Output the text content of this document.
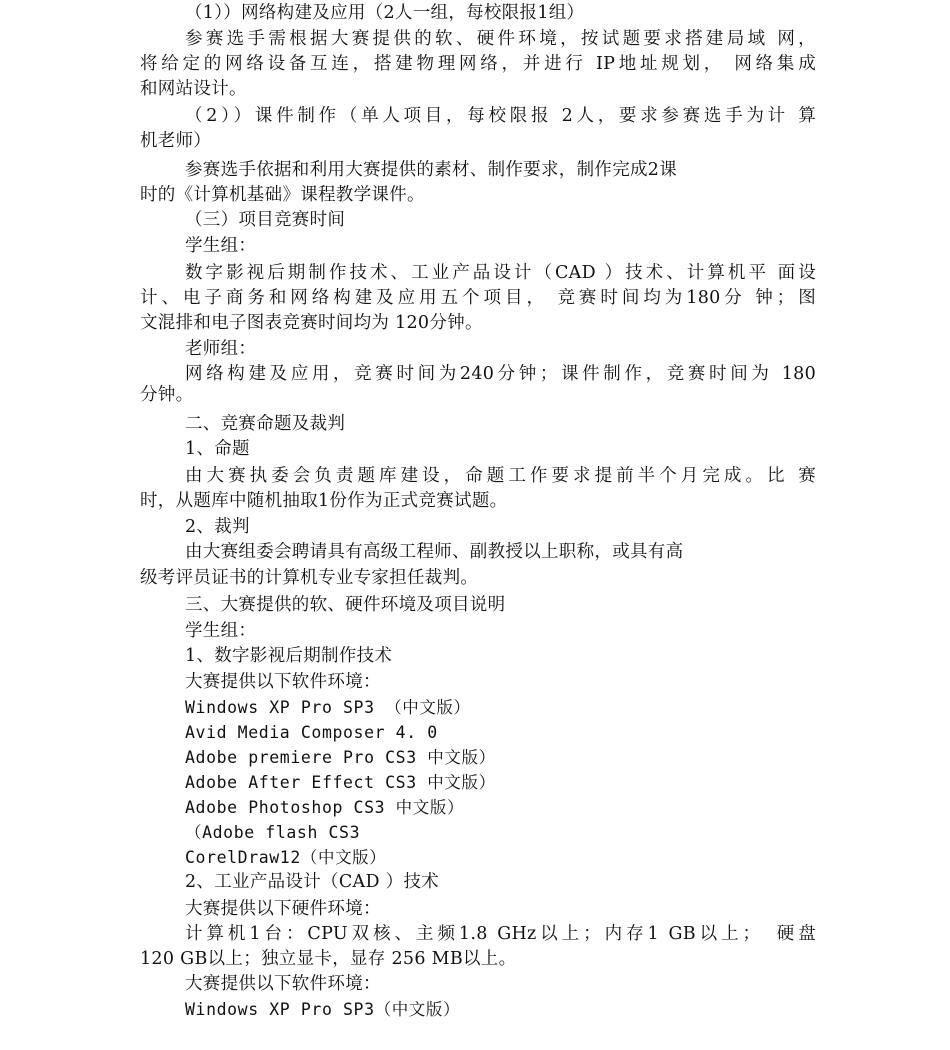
（1））网络构建及应用（2人一组，每校限报1组）
参赛选手需根据大赛提供的软、硬件环境，按试题要求搭建局域 网，
将给定的网络设备互连，搭建物理网络，并进行 IP地址规划， 网络集成
和网站设计。
（2））课件制作（单人项目，每校限报 2人，要求参赛选手为计 算
机老师）
参赛选手依据和利用大赛提供的素材、制作要求，制作完成2课
时的《计算机基础》课程教学课件。
（三）项目竞赛时间
学生组：
数字影视后期制作技术、工业产品设计（CAD ）技术、计算机平 面设
计、电子商务和网络构建及应用五个项目， 竞赛时间均为180分 钟；图
文混排和电子图表竞赛时间均为 120分钟。
老师组：
网络构建及应用，竞赛时间为240分钟；课件制作，竞赛时间为 180
分钟。
二、竞赛命题及裁判
1、命题
由大赛执委会负责题库建设，命题工作要求提前半个月完成。比 赛
时，从题库中随机抽取1份作为正式竞赛试题。
2、裁判
由大赛组委会聘请具有高级工程师、副教授以上职称，或具有高
级考评员证书的计算机专业专家担任裁判。
三、大赛提供的软、硬件环境及项目说明
学生组：
1、数字影视后期制作技术
大赛提供以下软件环境：
Windows XP Pro SP3 （中文版）
Avid Media Composer 4. 0
Adobe premiere Pro CS3 中文版）
Adobe After Effect CS3 中文版）
Adobe Photoshop CS3 中文版）
（Adobe flash CS3
CorelDraw12（中文版）
2、工业产品设计（CAD ）技术
大赛提供以下硬件环境：
计算机1台：CPU双核、主频1.8 GHz以上；内存1 GB以上；　硬盘
120 GB以上；独立显卡，显存 256 MB以上。
大赛提供以下软件环境：
Windows XP Pro SP3（中文版）
